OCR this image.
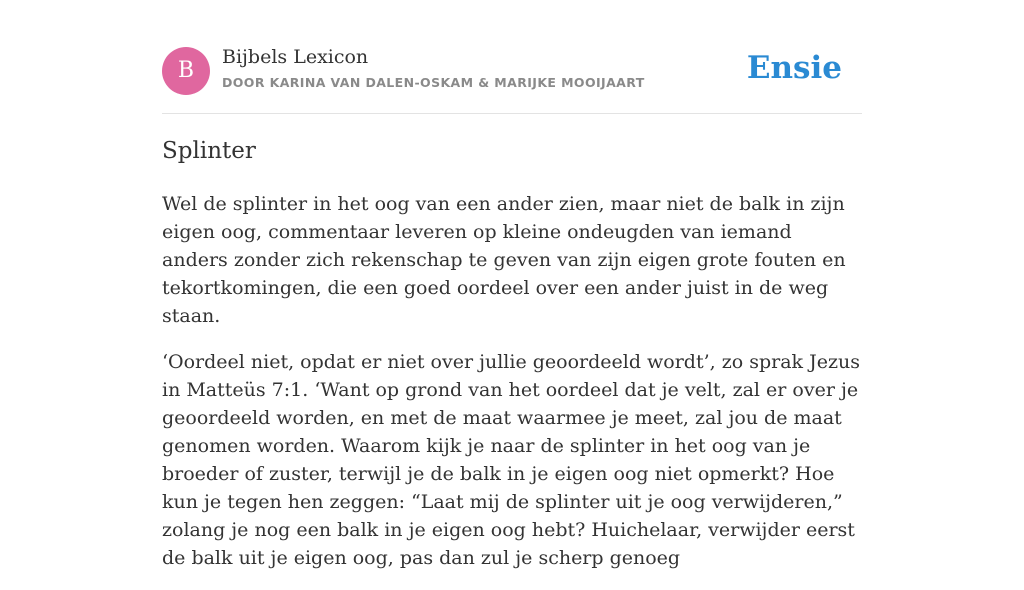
B
Bijbels Lexicon
DOOR KARINA VAN DALEN-OSKAM & MARIJKE MOOIJAART	Ensie
Splinter

Wel de splinter in het oog van een ander zien, maar niet de balk in zijn eigen oog, commentaar leveren op kleine ondeugden van iemand anders zonder zich rekenschap te geven van zijn eigen grote fouten en tekortkomingen, die een goed oordeel over een ander juist in de weg staan.

‘Oordeel niet, opdat er niet over jullie geoordeeld wordt’, zo sprak Jezus in Matteüs 7:1. ‘Want op grond van het oordeel dat je velt, zal er over je geoordeeld worden, en met de maat waarmee je meet, zal jou de maat genomen worden. Waarom kijk je naar de splinter in het oog van je broeder of zuster, terwijl je de balk in je eigen oog niet opmerkt? Hoe kun je tegen hen zeggen: “Laat mij de splinter uit je oog verwijderen,” zolang je nog een balk in je eigen oog hebt? Huichelaar, verwijder eerst de balk uit je eigen oog, pas dan zul je scherp genoeg
